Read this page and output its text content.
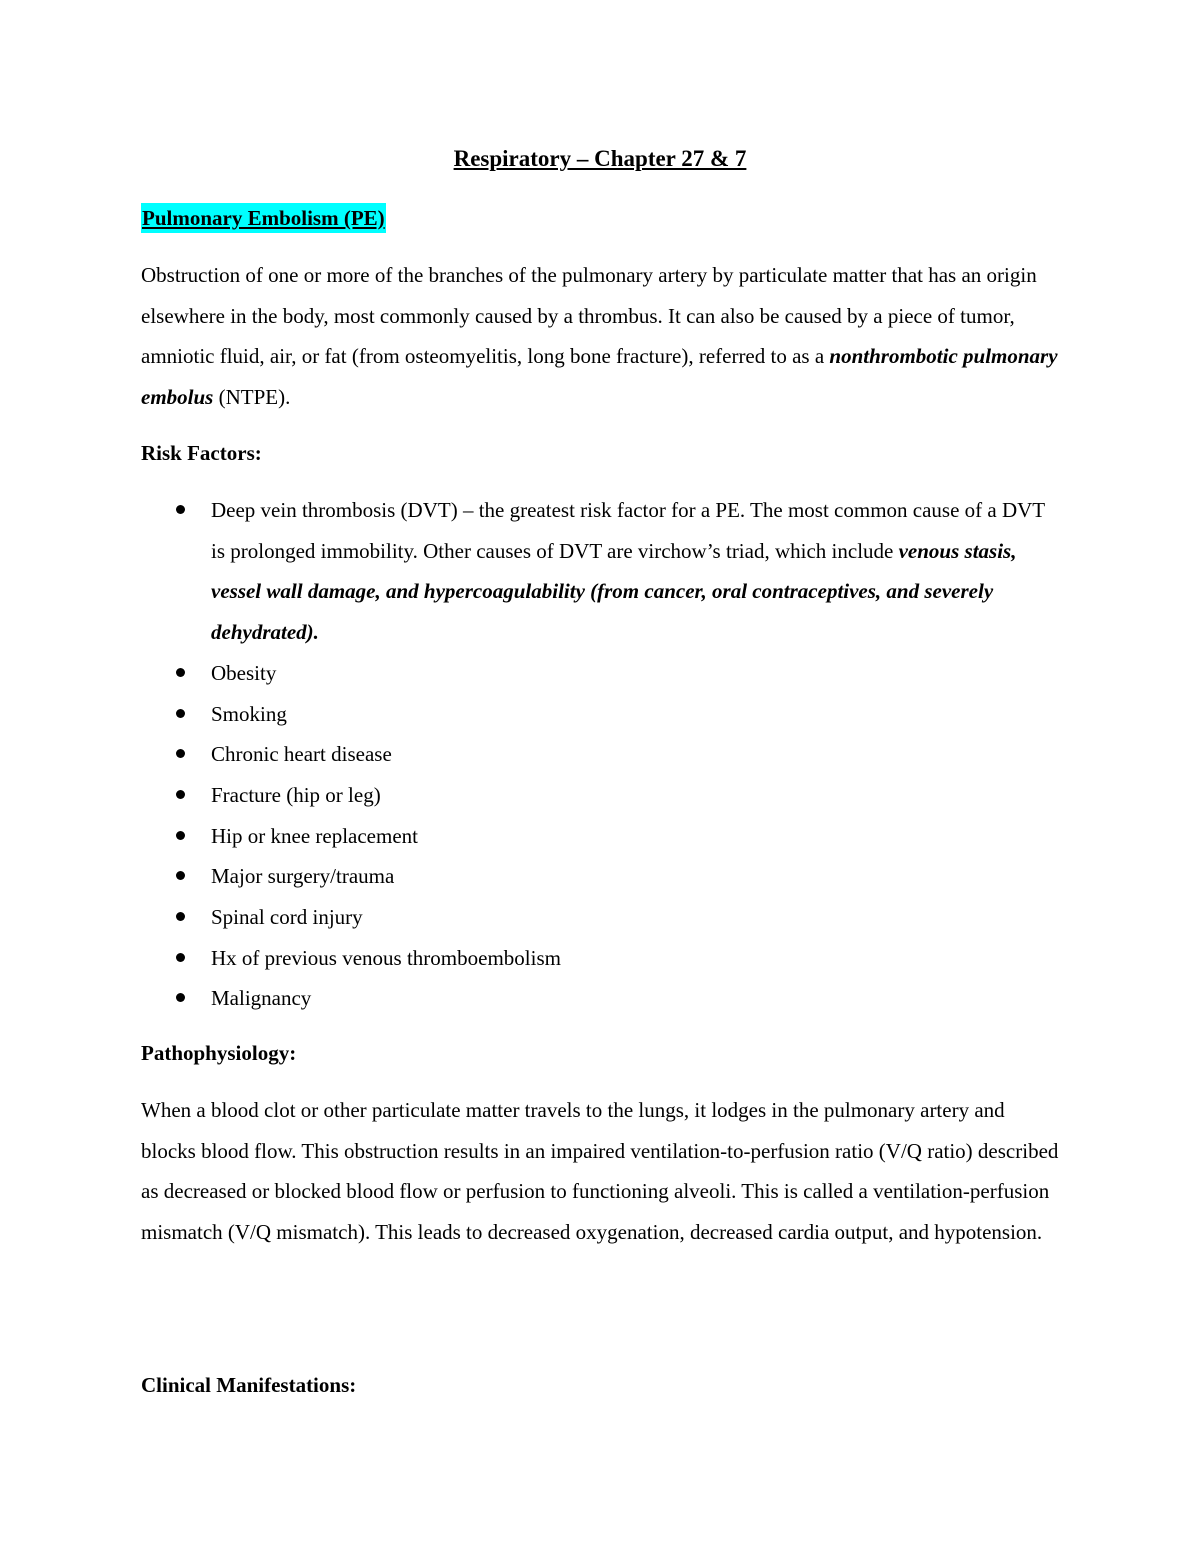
Respiratory – Chapter 27 & 7
Pulmonary Embolism (PE)

Obstruction of one or more of the branches of the pulmonary artery by particulate matter that has an origin elsewhere in the body, most commonly caused by a thrombus. It can also be caused by a piece of tumor, amniotic fluid, air, or fat (from osteomyelitis, long bone fracture), referred to as a nonthrombotic pulmonary embolus (NTPE).

Risk Factors:
Deep vein thrombosis (DVT) – the greatest risk factor for a PE. The most common cause of a DVT is prolonged immobility. Other causes of DVT are virchow’s triad, which include venous stasis, vessel wall damage, and hypercoagulability (from cancer, oral contraceptives, and severely dehydrated).
Obesity
Smoking
Chronic heart disease
Fracture (hip or leg)
Hip or knee replacement
Major surgery/trauma
Spinal cord injury
Hx of previous venous thromboembolism
Malignancy
Pathophysiology:

When a blood clot or other particulate matter travels to the lungs, it lodges in the pulmonary artery and blocks blood flow. This obstruction results in an impaired ventilation-to-perfusion ratio (V/Q ratio) described as decreased or blocked blood flow or perfusion to functioning alveoli. This is called a ventilation-perfusion mismatch (V/Q mismatch). This leads to decreased oxygenation, decreased cardia output, and hypotension.

Clinical Manifestations:
